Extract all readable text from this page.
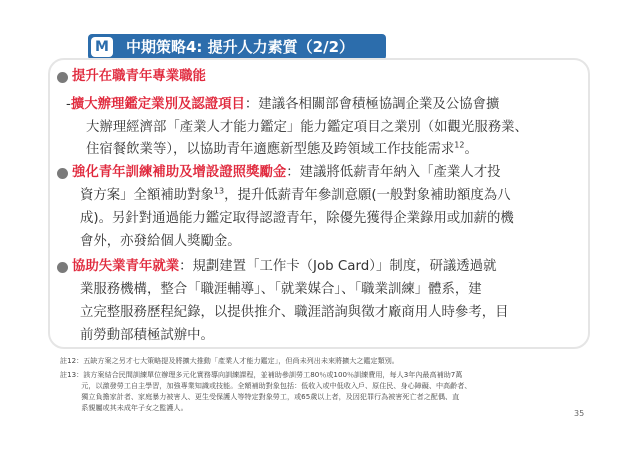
M 中期策略4: 提升人力素質（2/2）
提升在職青年專業職能
-擴大辦理鑑定業別及認證項目：建議各相關部會積極協調企業及公協會擴
大辦理經濟部「產業人才能力鑑定」能力鑑定項目之業別（如觀光服務業、
住宿餐飲業等），以協助青年適應新型態及跨領域工作技能需求$^{12}$。
強化青年訓練補助及增設證照獎勵金：建議將低薪青年納入「產業人才投
資方案」全額補助對象$^{13}$，提升低薪青年參訓意願(一般對象補助額度為八
成)。另針對通過能力鑑定取得認證青年，除優先獲得企業錄用或加薪的機
會外，亦發給個人獎勵金。
協助失業青年就業：規劃建置「工作卡（Job Card）」制度，研議透過就
業服務機構，整合「職涯輔導」、「就業媒合」、「職業訓練」體系，建
立完整服務歷程紀錄，以提供推介、職涯諮詢與徵才廠商用人時參考，目
前勞動部積極試辦中。
註12：五缺方案之另才七大策略提及將擴大推動「產業人才能力鑑定」，但尚未列出未來將擴大之鑑定類別。
註13：該方案結合民間訓練單位辦理多元化實務導向訓練課程，並補助參訓勞工80％或100％訓練費用，每人3年內最高補助7萬
　　　元，以激發勞工自主學習，加強專業知識或技能。全額補助對象包括：低收入或中低收入戶、原住民、身心障礙、中高齡者、
　　　獨立負擔家計者、家庭暴力被害人、更生受保護人等特定對象勞工，或65歲以上者，及因犯罪行為被害死亡者之配偶、直
　　　系親屬或其未成年子女之監護人。
35
